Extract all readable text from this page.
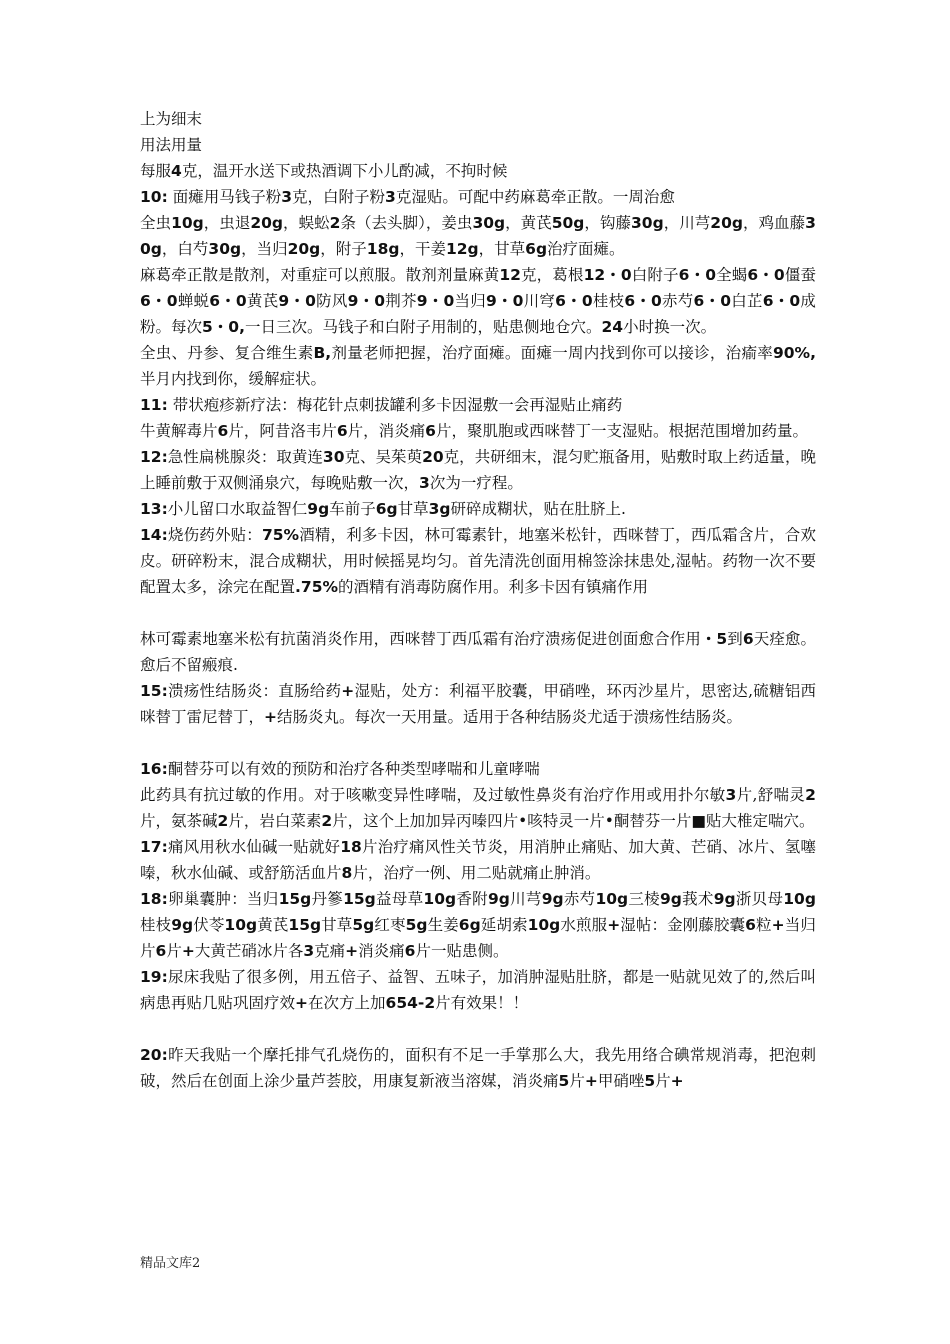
上为细末

用法用量

每服4克，温开水送下或热酒调下小儿酌减，不拘时候

10: 面瘫用马钱子粉3克，白附子粉3克湿贴。可配中药麻葛牵正散。一周治愈

全虫10g，虫退20g，蜈蚣2条（去头脚），姜虫30g，黄芪50g，钩藤30g，川芎20g，鸡血藤30g，白芍30g，当归20g，附子18g，干姜12g，甘草6g治疗面瘫。

麻葛牵正散是散剂，对重症可以煎服。散剂剂量麻黄12克，葛根12・0白附子6・0全蝎6・0僵蚕6・0蝉蜕6・0黄芪9・0防风9・0荆芥9・0当归9・0川穹6・0桂枝6・0赤芍6・0白芷6・0成粉。每次5・0,一日三次。马钱子和白附子用制的，贴患侧地仓穴。24小时换一次。

全虫、丹参、复合维生素B,剂量老师把握，治疗面瘫。面瘫一周内找到你可以接诊，治瘉率90%,半月内找到你，缓解症状。

11: 带状疱疹新疗法：梅花针点刺拔罐利多卡因湿敷一会再湿贴止痛药

牛黄解毒片6片，阿昔洛韦片6片，消炎痛6片，聚肌胞或西咪替丁一支湿贴。根据范围增加药量。

12:急性扁桃腺炎：取黄连30克、吴茱萸20克，共研细末，混匀贮瓶备用，贴敷时取上药适量，晚上睡前敷于双侧涌泉穴，每晚贴敷一次，3次为一疗程。

13:小儿留口水取益智仁9g车前子6g甘草3g研碎成糊状，贴在肚脐上.

14:烧伤药外贴：75%酒精，利多卡因，林可霉素针，地塞米松针，西咪替丁，西瓜霜含片，合欢皮。研碎粉末，混合成糊状，用时候摇晃均匀。首先清洗创面用棉签涂抹患处,湿帖。药物一次不要配置太多，涂完在配置.75%的酒精有消毒防腐作用。利多卡因有镇痛作用

林可霉素地塞米松有抗菌消炎作用，西咪替丁西瓜霜有治疗溃疡促进创面愈合作用・5到6天痊愈。愈后不留瘢痕.

15:溃疡性结肠炎：直肠给药+湿贴，处方：利福平胶囊，甲硝唑，环丙沙星片，思密达,硫糖铝西咪替丁雷尼替丁，+结肠炎丸。每次一天用量。适用于各种结肠炎尤适于溃疡性结肠炎。

16:酮替芬可以有效的预防和治疗各种类型哮喘和儿童哮喘

此药具有抗过敏的作用。对于咳嗽变异性哮喘，及过敏性鼻炎有治疗作用或用扑尔敏3片,舒喘灵2片，氨茶碱2片，岩白菜素2片，这个上加加异丙嗪四片•咳特灵一片•酮替芬一片■贴大椎定喘穴。

17:痛风用秋水仙碱一贴就好18片治疗痛风性关节炎，用消肿止痛贴、加大黄、芒硝、冰片、氢噻嗪，秋水仙碱、或舒筋活血片8片，治疗一例、用二贴就痛止肿消。

18:卵巢囊肿：当归15g丹篸15g益母草10g香附9g川芎9g赤芍10g三棱9g莪术9g浙贝母10g桂枝9g伏苓10g黄芪15g甘草5g红枣5g生姜6g延胡索10g水煎服+湿帖：金刚藤胶囊6粒+当归片6片+大黄芒硝冰片各3克痛+消炎痛6片一贴患侧。

19:尿床我贴了很多例，用五倍子、益智、五味子，加消肿湿贴肚脐，都是一贴就见效了的,然后叫病患再贴几贴巩固疗效+在次方上加654-2片有效果！！

20:昨天我贴一个摩托排气孔烧伤的，面积有不足一手掌那么大，我先用络合碘常规消毒，把泡刺破，然后在创面上涂少量芦荟胶，用康复新液当溶媒，消炎痛5片+甲硝唑5片+

精品文库2
